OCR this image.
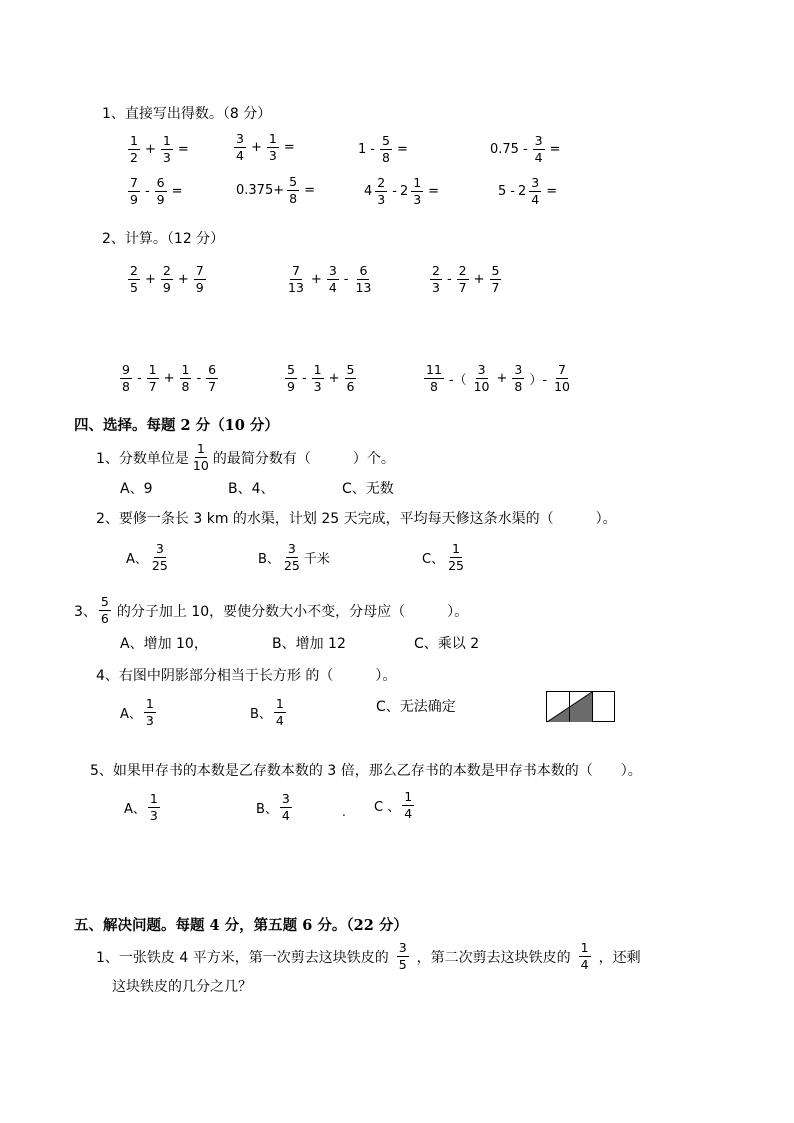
1、直接写出得数。（8 分）
$\frac{1}{2} + \frac{1}{3}$ =	$\frac{3}{4} + \frac{1}{3}$ =	$1 - \frac{5}{8}$ =	$0.75 - \frac{3}{4}$ =
$\frac{7}{9} - \frac{6}{9}$ =	$0.375+ \frac{5}{8}$ =	$4 \frac{2}{3} - 2 \frac{1}{3}$ =	$5 - 2 \frac{3}{4}$ =
2、计算。（12 分）
$\frac{2}{5} + \frac{2}{9} + \frac{7}{9}$	$\frac{7}{13} + \frac{3}{4} - \frac{6}{13}$	$\frac{2}{3} - \frac{2}{7} + \frac{5}{7}$
$\frac{9}{8} - \frac{1}{7} + \frac{1}{8} - \frac{6}{7}$	$\frac{5}{9} - \frac{1}{3} + \frac{5}{6}$	$\frac{11}{8}$ -（ $\frac{3}{10} + \frac{3}{8}$ ）- $\frac{7}{10}$
四、选择。每题 2 分（10 分）
1、分数单位是 $\frac{1}{10}$ 的最简分数有（　　　）个。
A、9	B、4、	C、无数
2、要修一条长 3 km 的水渠，计划 25 天完成，平均每天修这条水渠的（　　　）。
A、 $\frac{3}{25}$	B、 $\frac{3}{25}$ 千米	C、 $\frac{1}{25}$
3、 $\frac{5}{6}$ 的分子加上 10，要使分数大小不变，分母应（　　　）。
A、增加 10，	B、增加 12	C、乘以 2
4、右图中阴影部分相当于长方形 的（　　　）。
A、 $\frac{1}{3}$	B、 $\frac{1}{4}$	C、无法确定
5、如果甲存书的本数是乙存数本数的 3 倍，那么乙存书的本数是甲存书本数的（　　）。
A、 $\frac{1}{3}$	B、 $\frac{3}{4}$	. C 、 $\frac{1}{4}$
五、解决问题。每题 4 分，第五题 6 分。（22 分）
1、一张铁皮 4 平方米，第一次剪去这块铁皮的 $\frac{3}{5}$ ，第二次剪去这块铁皮的 $\frac{1}{4}$ ，还剩
这块铁皮的几分之几？
